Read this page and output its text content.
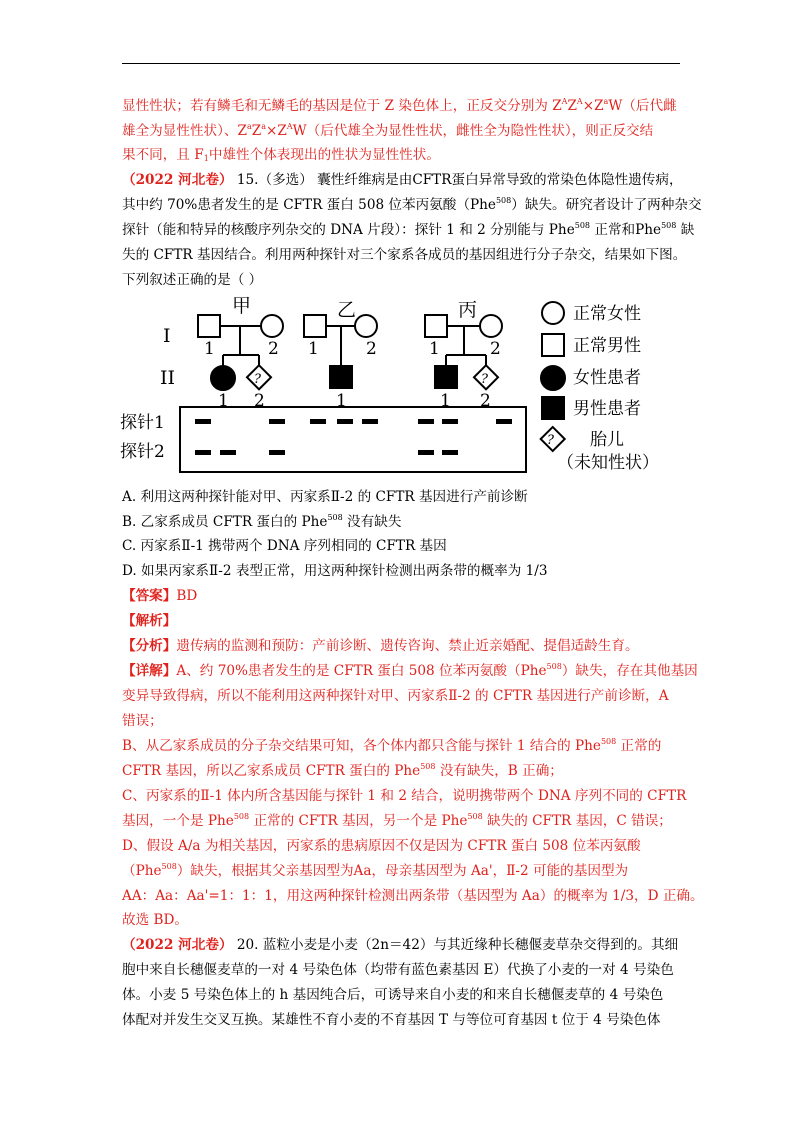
显性性状；若有鳞毛和无鳞毛的基因是位于 Z 染色体上，正反交分别为 $Z^AZ^A\times Z^aW$（后代雌
雄全为显性性状）、$Z^aZ^a\times Z^AW$（后代雄全为显性性状，雌性全为隐性性状），则正反交结
果不同，且 $F_1$中雄性个体表现出的性状为显性性状。
（2022 河北卷） 15.（多选） 囊性纤维病是由CFTR蛋白异常导致的常染色体隐性遗传病，
其中约 70%患者发生的是 CFTR 蛋白 508 位苯丙氨酸（Phe$^{508}$）缺失。研究者设计了两种杂交
探针（能和特异的核酸序列杂交的 DNA 片段）：探针 1 和 2 分别能与 Phe$^{508}$ 正常和Phe$^{508}$ 缺
失的 CFTR 基因结合。利用两种探针对三个家系各成员的基因组进行分子杂交，结果如下图。
下列叙述正确的是（ ）
甲	乙	丙
I
II
1	2 1	2	1	2
1 2	1	1 2
?	?
?
探针1
探针2
正常女性
正常男性
女性患者
男性患者
胎儿
（未知性状）
A. 利用这两种探针能对甲、丙家系Ⅱ-2 的 CFTR 基因进行产前诊断
B. 乙家系成员 CFTR 蛋白的 Phe$^{508}$ 没有缺失
C. 丙家系Ⅱ-1 携带两个 DNA 序列相同的 CFTR 基因
D. 如果丙家系Ⅱ-2 表型正常，用这两种探针检测出两条带的概率为 1/3
【答案】BD
【解析】
【分析】遗传病的监测和预防：产前诊断、遗传咨询、禁止近亲婚配、提倡适龄生育。
【详解】A、约 70%患者发生的是 CFTR 蛋白 508 位苯丙氨酸（Phe$^{508}$）缺失，存在其他基因
变异导致得病，所以不能利用这两种探针对甲、丙家系Ⅱ-2 的 CFTR 基因进行产前诊断，A
错误；
B、从乙家系成员的分子杂交结果可知，各个体内都只含能与探针 1 结合的 Phe$^{508}$ 正常的
CFTR 基因，所以乙家系成员 CFTR 蛋白的 Phe$^{508}$ 没有缺失，B 正确；
C、丙家系的Ⅱ-1 体内所含基因能与探针 1 和 2 结合，说明携带两个 DNA 序列不同的 CFTR
基因，一个是 Phe$^{508}$ 正常的 CFTR 基因，另一个是 Phe$^{508}$ 缺失的 CFTR 基因，C 错误；
D、假设 A/a 为相关基因，丙家系的患病原因不仅是因为 CFTR 蛋白 508 位苯丙氨酸
（Phe$^{508}$）缺失，根据其父亲基因型为Aa，母亲基因型为 Aa'，Ⅱ-2 可能的基因型为
AA：Aa：Aa'=1：1：1，用这两种探针检测出两条带（基因型为 Aa）的概率为 1/3，D 正确。
故选 BD。
（2022 河北卷） 20. 蓝粒小麦是小麦（2n＝42）与其近缘种长穗偃麦草杂交得到的。其细
胞中来自长穗偃麦草的一对 4 号染色体（均带有蓝色素基因 E）代换了小麦的一对 4 号染色
体。小麦 5 号染色体上的 h 基因纯合后，可诱导来自小麦的和来自长穗偃麦草的 4 号染色
体配对并发生交叉互换。某雄性不育小麦的不育基因 T 与等位可育基因 t 位于 4 号染色体
